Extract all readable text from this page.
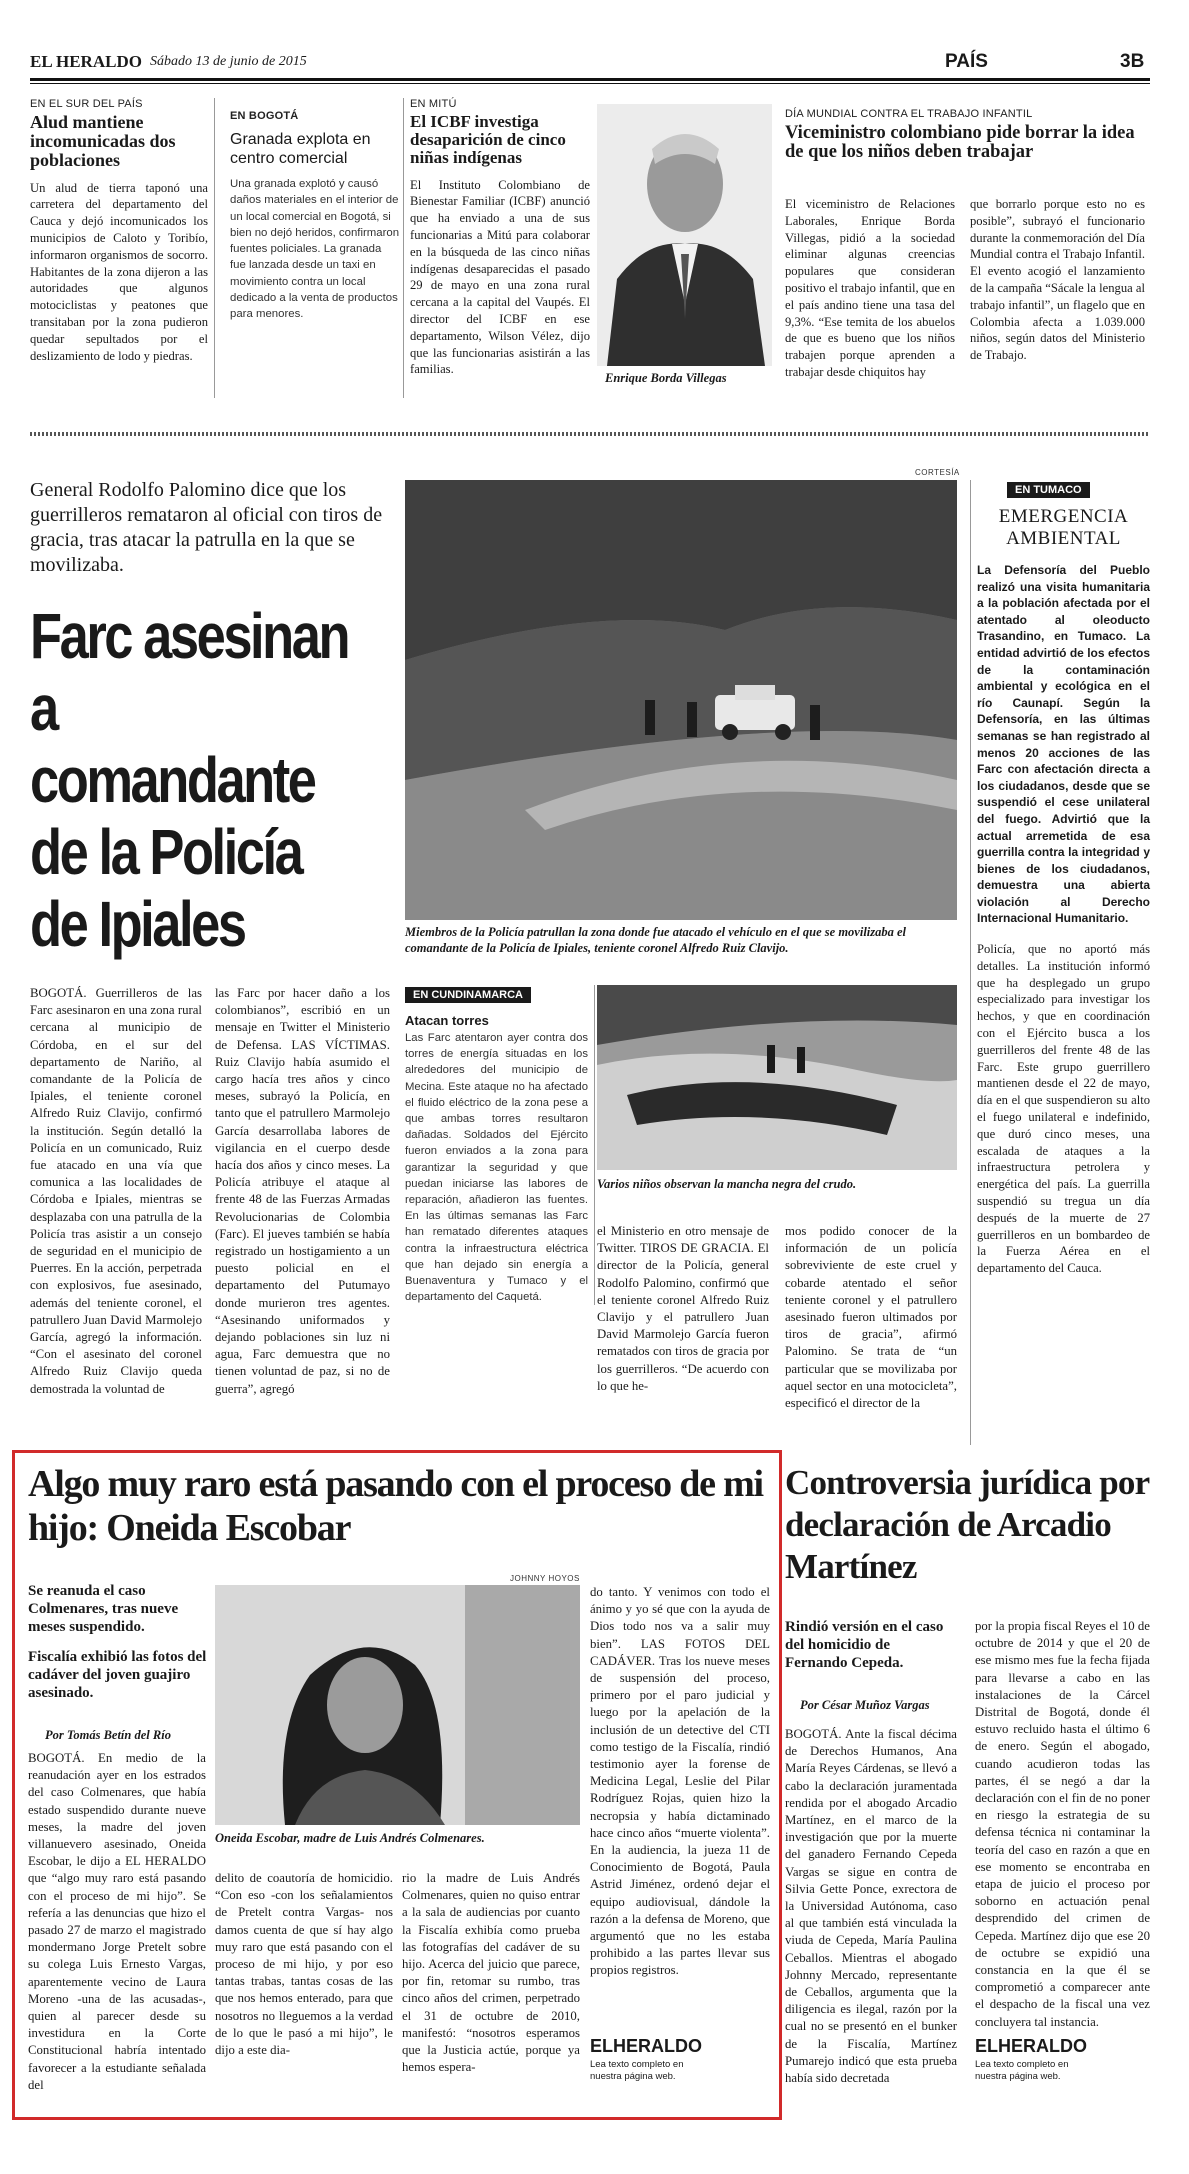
EL HERALDO Sábado 13 de junio de 2015	PAÍS	3B
EN EL SUR DEL PAÍS
Alud mantiene incomunicadas dos poblaciones
Un alud de tierra taponó una carretera del departamento del Cauca y dejó incomunicados los municipios de Caloto y Toribío, informaron organismos de socorro. Habitantes de la zona dijeron a las autoridades que algunos motociclistas y peatones que transitaban por la zona pudieron quedar sepultados por el deslizamiento de lodo y piedras.
EN BOGOTÁ
Granada explota en centro comercial
Una granada explotó y causó daños materiales en el interior de un local comercial en Bogotá, si bien no dejó heridos, confirmaron fuentes policiales. La granada fue lanzada desde un taxi en movimiento contra un local dedicado a la venta de productos para menores.
EN MITÚ
El ICBF investiga desaparición de cinco niñas indígenas
El Instituto Colombiano de Bienestar Familiar (ICBF) anunció que ha enviado a una de sus funcionarias a Mitú para colaborar en la búsqueda de las cinco niñas indígenas desaparecidas el pasado 29 de mayo en una zona rural cercana a la capital del Vaupés. El director del ICBF en ese departamento, Wilson Vélez, dijo que las funcionarias asistirán a las familias.
Enrique Borda Villegas
DÍA MUNDIAL CONTRA EL TRABAJO INFANTIL
Viceministro colombiano pide borrar la idea de que los niños deben trabajar
El viceministro de Relaciones Laborales, Enrique Borda Villegas, pidió a la sociedad eliminar algunas creencias populares que consideran positivo el trabajo infantil, que en el país andino tiene una tasa del 9,3%. “Ese temita de los abuelos de que es bueno que los niños trabajen porque aprenden a trabajar desde chiquitos hay
que borrarlo porque esto no es posible”, subrayó el funcionario durante la conmemoración del Día Mundial contra el Trabajo Infantil. El evento acogió el lanzamiento de la campaña “Sácale la lengua al trabajo infantil”, un flagelo que en Colombia afecta a 1.039.000 niños, según datos del Ministerio de Trabajo.
General Rodolfo Palomino dice que los guerrilleros remataron al oficial con tiros de gracia, tras atacar la patrulla en la que se movilizaba.
Farc asesinan a comandante de la Policía de Ipiales
CORTESÍA
Miembros de la Policía patrullan la zona donde fue atacado el vehículo en el que se movilizaba el comandante de la Policía de Ipiales, teniente coronel Alfredo Ruiz Clavijo.
EN TUMACO
EMERGENCIA AMBIENTAL
La Defensoría del Pueblo realizó una visita humanitaria a la población afectada por el atentado al oleoducto Trasandino, en Tumaco. La entidad advirtió de los efectos de la contaminación ambiental y ecológica en el río Caunapí. Según la Defensoría, en las últimas semanas se han registrado al menos 20 acciones de las Farc con afectación directa a los ciudadanos, desde que se suspendió el cese unilateral del fuego. Advirtió que la actual arremetida de esa guerrilla contra la integridad y bienes de los ciudadanos, demuestra una abierta violación al Derecho Internacional Humanitario.
Policía, que no aportó más detalles. La institución informó que ha desplegado un grupo especializado para investigar los hechos, y que en coordinación con el Ejército busca a los guerrilleros del frente 48 de las Farc. Este grupo guerrillero mantienen desde el 22 de mayo, día en el que suspendieron su alto el fuego unilateral e indefinido, que duró cinco meses, una escalada de ataques a la infraestructura petrolera y energética del país. La guerrilla suspendió su tregua un día después de la muerte de 27 guerrilleros en un bombardeo de la Fuerza Aérea en el departamento del Cauca.
BOGOTÁ. Guerrilleros de las Farc asesinaron en una zona rural cercana al municipio de Córdoba, en el sur del departamento de Nariño, al comandante de la Policía de Ipiales, el teniente coronel Alfredo Ruiz Clavijo, confirmó la institución. Según detalló la Policía en un comunicado, Ruiz fue atacado en una vía que comunica a las localidades de Córdoba e Ipiales, mientras se desplazaba con una patrulla de la Policía tras asistir a un consejo de seguridad en el municipio de Puerres. En la acción, perpetrada con explosivos, fue asesinado, además del teniente coronel, el patrullero Juan David Marmolejo García, agregó la información. “Con el asesinato del coronel Alfredo Ruiz Clavijo queda demostrada la voluntad de
las Farc por hacer daño a los colombianos”, escribió en un mensaje en Twitter el Ministerio de Defensa. LAS VÍCTIMAS. Ruiz Clavijo había asumido el cargo hacía tres años y cinco meses, subrayó la Policía, en tanto que el patrullero Marmolejo García desarrollaba labores de vigilancia en el cuerpo desde hacía dos años y cinco meses. La Policía atribuye el ataque al frente 48 de las Fuerzas Armadas Revolucionarias de Colombia (Farc). El jueves también se había registrado un hostigamiento a un puesto policial en el departamento del Putumayo donde murieron tres agentes. “Asesinando uniformados y dejando poblaciones sin luz ni agua, Farc demuestra que no tienen voluntad de paz, si no de guerra”, agregó
EN CUNDINAMARCA
Atacan torres
Las Farc atentaron ayer contra dos torres de energía situadas en los alrededores del municipio de Mecina. Este ataque no ha afectado el fluido eléctrico de la zona pese a que ambas torres resultaron dañadas. Soldados del Ejército fueron enviados a la zona para garantizar la seguridad y que puedan iniciarse las labores de reparación, añadieron las fuentes. En las últimas semanas las Farc han rematado diferentes ataques contra la infraestructura eléctrica que han dejado sin energía a Buenaventura y Tumaco y el departamento del Caquetá.
Varios niños observan la mancha negra del crudo.
el Ministerio en otro mensaje de Twitter. TIROS DE GRACIA. El director de la Policía, general Rodolfo Palomino, confirmó que el teniente coronel Alfredo Ruiz Clavijo y el patrullero Juan David Marmolejo García fueron rematados con tiros de gracia por los guerrilleros. “De acuerdo con lo que he-
mos podido conocer de la información de un policía sobreviviente de este cruel y cobarde atentado el señor teniente coronel y el patrullero asesinado fueron ultimados por tiros de gracia”, afirmó Palomino. Se trata de “un particular que se movilizaba por aquel sector en una motocicleta”, especificó el director de la
Algo muy raro está pasando con el proceso de mi hijo: Oneida Escobar
Se reanuda el caso Colmenares, tras nueve meses suspendido.
Fiscalía exhibió las fotos del cadáver del joven guajiro asesinado.
Por Tomás Betín del Río
JOHNNY HOYOS
Oneida Escobar, madre de Luis Andrés Colmenares.
BOGOTÁ. En medio de la reanudación ayer en los estrados del caso Colmenares, que había estado suspendido durante nueve meses, la madre del joven villanuevero asesinado, Oneida Escobar, le dijo a EL HERALDO que “algo muy raro está pasando con el proceso de mi hijo”. Se refería a las denuncias que hizo el pasado 27 de marzo el magistrado mondermano Jorge Pretelt sobre su colega Luis Ernesto Vargas, aparentemente vecino de Laura Moreno -una de las acusadas-, quien al parecer desde su investidura en la Corte Constitucional habría intentado favorecer a la estudiante señalada del
delito de coautoría de homicidio. “Con eso -con los señalamientos de Pretelt contra Vargas- nos damos cuenta de que sí hay algo muy raro que está pasando con el proceso de mi hijo, y por eso tantas trabas, tantas cosas de las que nos hemos enterado, para que nosotros no lleguemos a la verdad de lo que le pasó a mi hijo”, le dijo a este dia-
rio la madre de Luis Andrés Colmenares, quien no quiso entrar a la sala de audiencias por cuanto la Fiscalía exhibía como prueba las fotografías del cadáver de su hijo. Acerca del juicio que parece, por fin, retomar su rumbo, tras cinco años del crimen, perpetrado el 31 de octubre de 2010, manifestó: “nosotros esperamos que la Justicia actúe, porque ya hemos espera-
do tanto. Y venimos con todo el ánimo y yo sé que con la ayuda de Dios todo nos va a salir muy bien”. LAS FOTOS DEL CADÁVER. Tras los nueve meses de suspensión del proceso, primero por el paro judicial y luego por la apelación de la inclusión de un detective del CTI como testigo de la Fiscalía, rindió testimonio ayer la forense de Medicina Legal, Leslie del Pilar Rodríguez Rojas, quien hizo la necropsia y había dictaminado hace cinco años “muerte violenta”. En la audiencia, la jueza 11 de Conocimiento de Bogotá, Paula Astrid Jiménez, ordenó dejar el equipo audiovisual, dándole la razón a la defensa de Moreno, que argumentó que no les estaba prohibido a las partes llevar sus propios registros.
ELHERALDO
Lea texto completo en nuestra página web.
Controversia jurídica por declaración de Arcadio Martínez
Rindió versión en el caso del homicidio de Fernando Cepeda.
Por César Muñoz Vargas
BOGOTÁ. Ante la fiscal décima de Derechos Humanos, Ana María Reyes Cárdenas, se llevó a cabo la declaración juramentada rendida por el abogado Arcadio Martínez, en el marco de la investigación que por la muerte del ganadero Fernando Cepeda Vargas se sigue en contra de Silvia Gette Ponce, exrectora de la Universidad Autónoma, caso al que también está vinculada la viuda de Cepeda, María Paulina Ceballos. Mientras el abogado Johnny Mercado, representante de Ceballos, argumenta que la diligencia es ilegal, razón por la cual no se presentó en el bunker de la Fiscalía, Martínez Pumarejo indicó que esta prueba había sido decretada
por la propia fiscal Reyes el 10 de octubre de 2014 y que el 20 de ese mismo mes fue la fecha fijada para llevarse a cabo en las instalaciones de la Cárcel Distrital de Bogotá, donde él estuvo recluido hasta el último 6 de enero. Según el abogado, cuando acudieron todas las partes, él se negó a dar la declaración con el fin de no poner en riesgo la estrategia de su defensa técnica ni contaminar la teoría del caso en razón a que en ese momento se encontraba en etapa de juicio el proceso por soborno en actuación penal desprendido del crimen de Cepeda. Martínez dijo que ese 20 de octubre se expidió una constancia en la que él se comprometió a comparecer ante el despacho de la fiscal una vez concluyera tal instancia.
ELHERALDO
Lea texto completo en nuestra página web.
